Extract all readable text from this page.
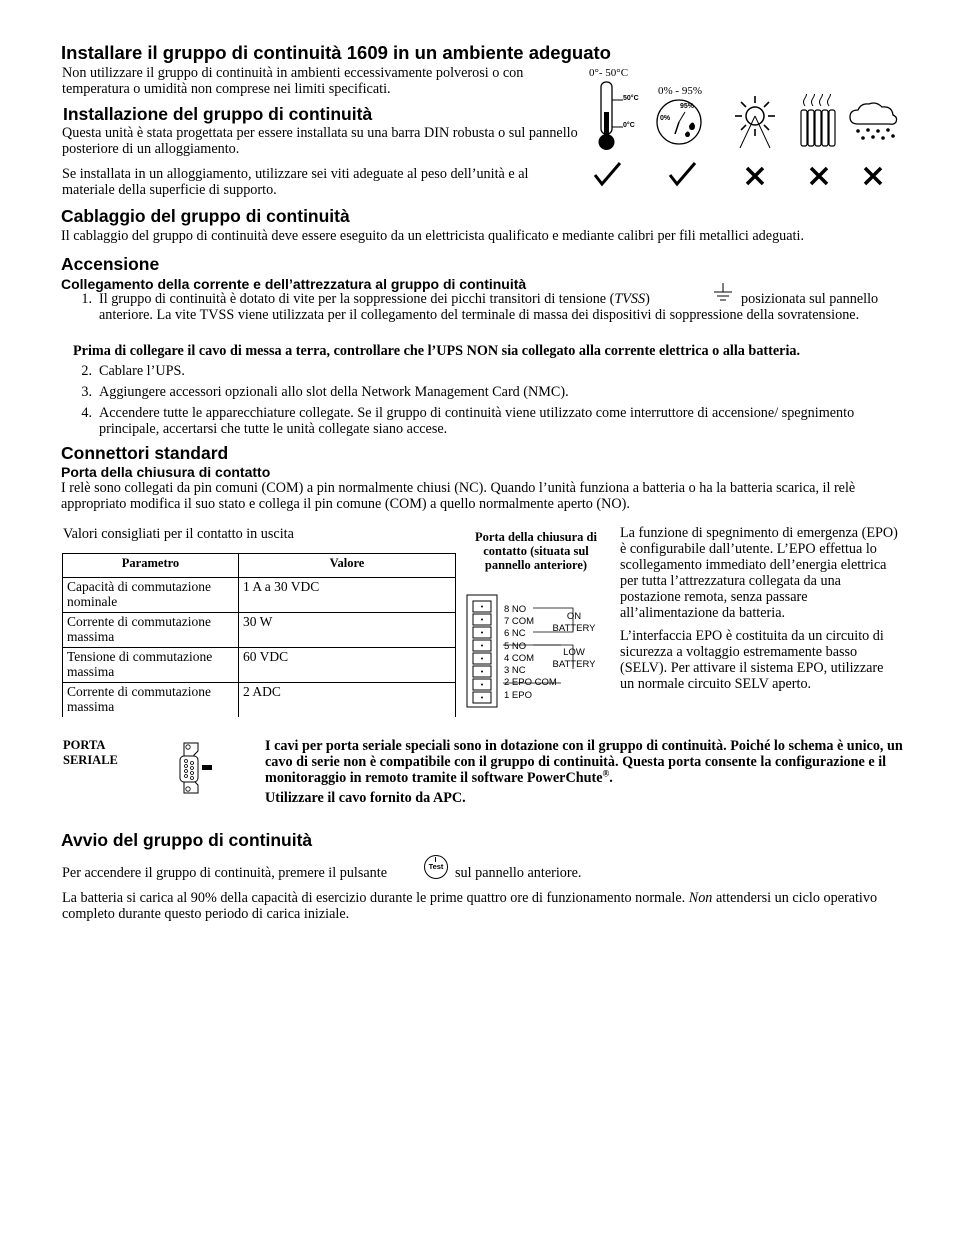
Installare il gruppo di continuità 1609 in un ambiente adeguato

Non utilizzare il gruppo di continuità in ambienti eccessivamente polverosi o con temperatura o umidità non comprese nei limiti specificati.

Installazione del gruppo di continuità

Questa unità è stata progettata per essere installata su una barra DIN robusta o sul pannello posteriore di un alloggiamento.

Se installata in un alloggiamento, utilizzare sei viti adeguate al peso dell’unità e al materiale della superficie di supporto.

0°- 50°C
0% - 95%
50°C
0°C
95%
0%
Cablaggio del gruppo di continuità

Il cablaggio del gruppo di continuità deve essere eseguito da un elettricista qualificato e mediante calibri per fili metallici adeguati.

Accensione
Collegamento della corrente e dell’attrezzatura al gruppo di continuità
1. Il gruppo di continuità è dotato di vite per la soppressione dei picchi transitori di tensione (TVSS)	posizionata sul pannello

anteriore. La vite TVSS viene utilizzata per il collegamento del terminale di massa dei dispositivi di soppressione della sovratensione.

Prima di collegare il cavo di messa a terra, controllare che l’UPS NON sia collegato alla corrente elettrica o alla batteria.

2. Cablare l’UPS.

3. Aggiungere accessori opzionali allo slot della Network Management Card (NMC).

4. Accendere tutte le apparecchiature collegate. Se il gruppo di continuità viene utilizzato come interruttore di accensione/ spegnimento principale, accertarsi che tutte le unità collegate siano accese.

Connettori standard
Porta della chiusura di contatto

I relè sono collegati da pin comuni (COM) a pin normalmente chiusi (NC). Quando l’unità funziona a batteria o ha la batteria scarica, il relè appropriato modifica il suo stato e collega il pin comune (COM) a quello normalmente aperto (NO).

Valori consigliati per il contatto in uscita

Parametro	Valore
Capacità di commutazione nominale	1 A a 30 VDC
Corrente di commutazione massima	30 W
Tensione di commutazione massima	60 VDC
Corrente di commutazione massima	2 ADC

Porta della chiusura di contatto (situata sul pannello anteriore)

8 NO
7 COM
6 NC
5 NO
4 COM
3 NC
2 EPO COM
1 EPO
ON BATTERY
LOW BATTERY

La funzione di spegnimento di emergenza (EPO) è configurabile dall’utente. L’EPO effettua lo scollegamento immediato dell’energia elettrica per tutta l’attrezzatura collegata da una postazione remota, senza passare all’alimentazione da batteria.

L’interfaccia EPO è costituita da un circuito di sicurezza a voltaggio estremamente basso (SELV). Per attivare il sistema EPO, utilizzare un normale circuito SELV aperto.

PORTA SERIALE

I cavi per porta seriale speciali sono in dotazione con il gruppo di continuità. Poiché lo schema è unico, un cavo di serie non è compatibile con il gruppo di continuità. Questa porta consente la configurazione e il monitoraggio in remoto tramite il software PowerChute®.

Utilizzare il cavo fornito da APC.

Avvio del gruppo di continuità

Per accendere il gruppo di continuità, premere il pulsante	Test sul pannello anteriore.

La batteria si carica al 90% della capacità di esercizio durante le prime quattro ore di funzionamento normale. Non attendersi un ciclo operativo completo durante questo periodo di carica iniziale.
